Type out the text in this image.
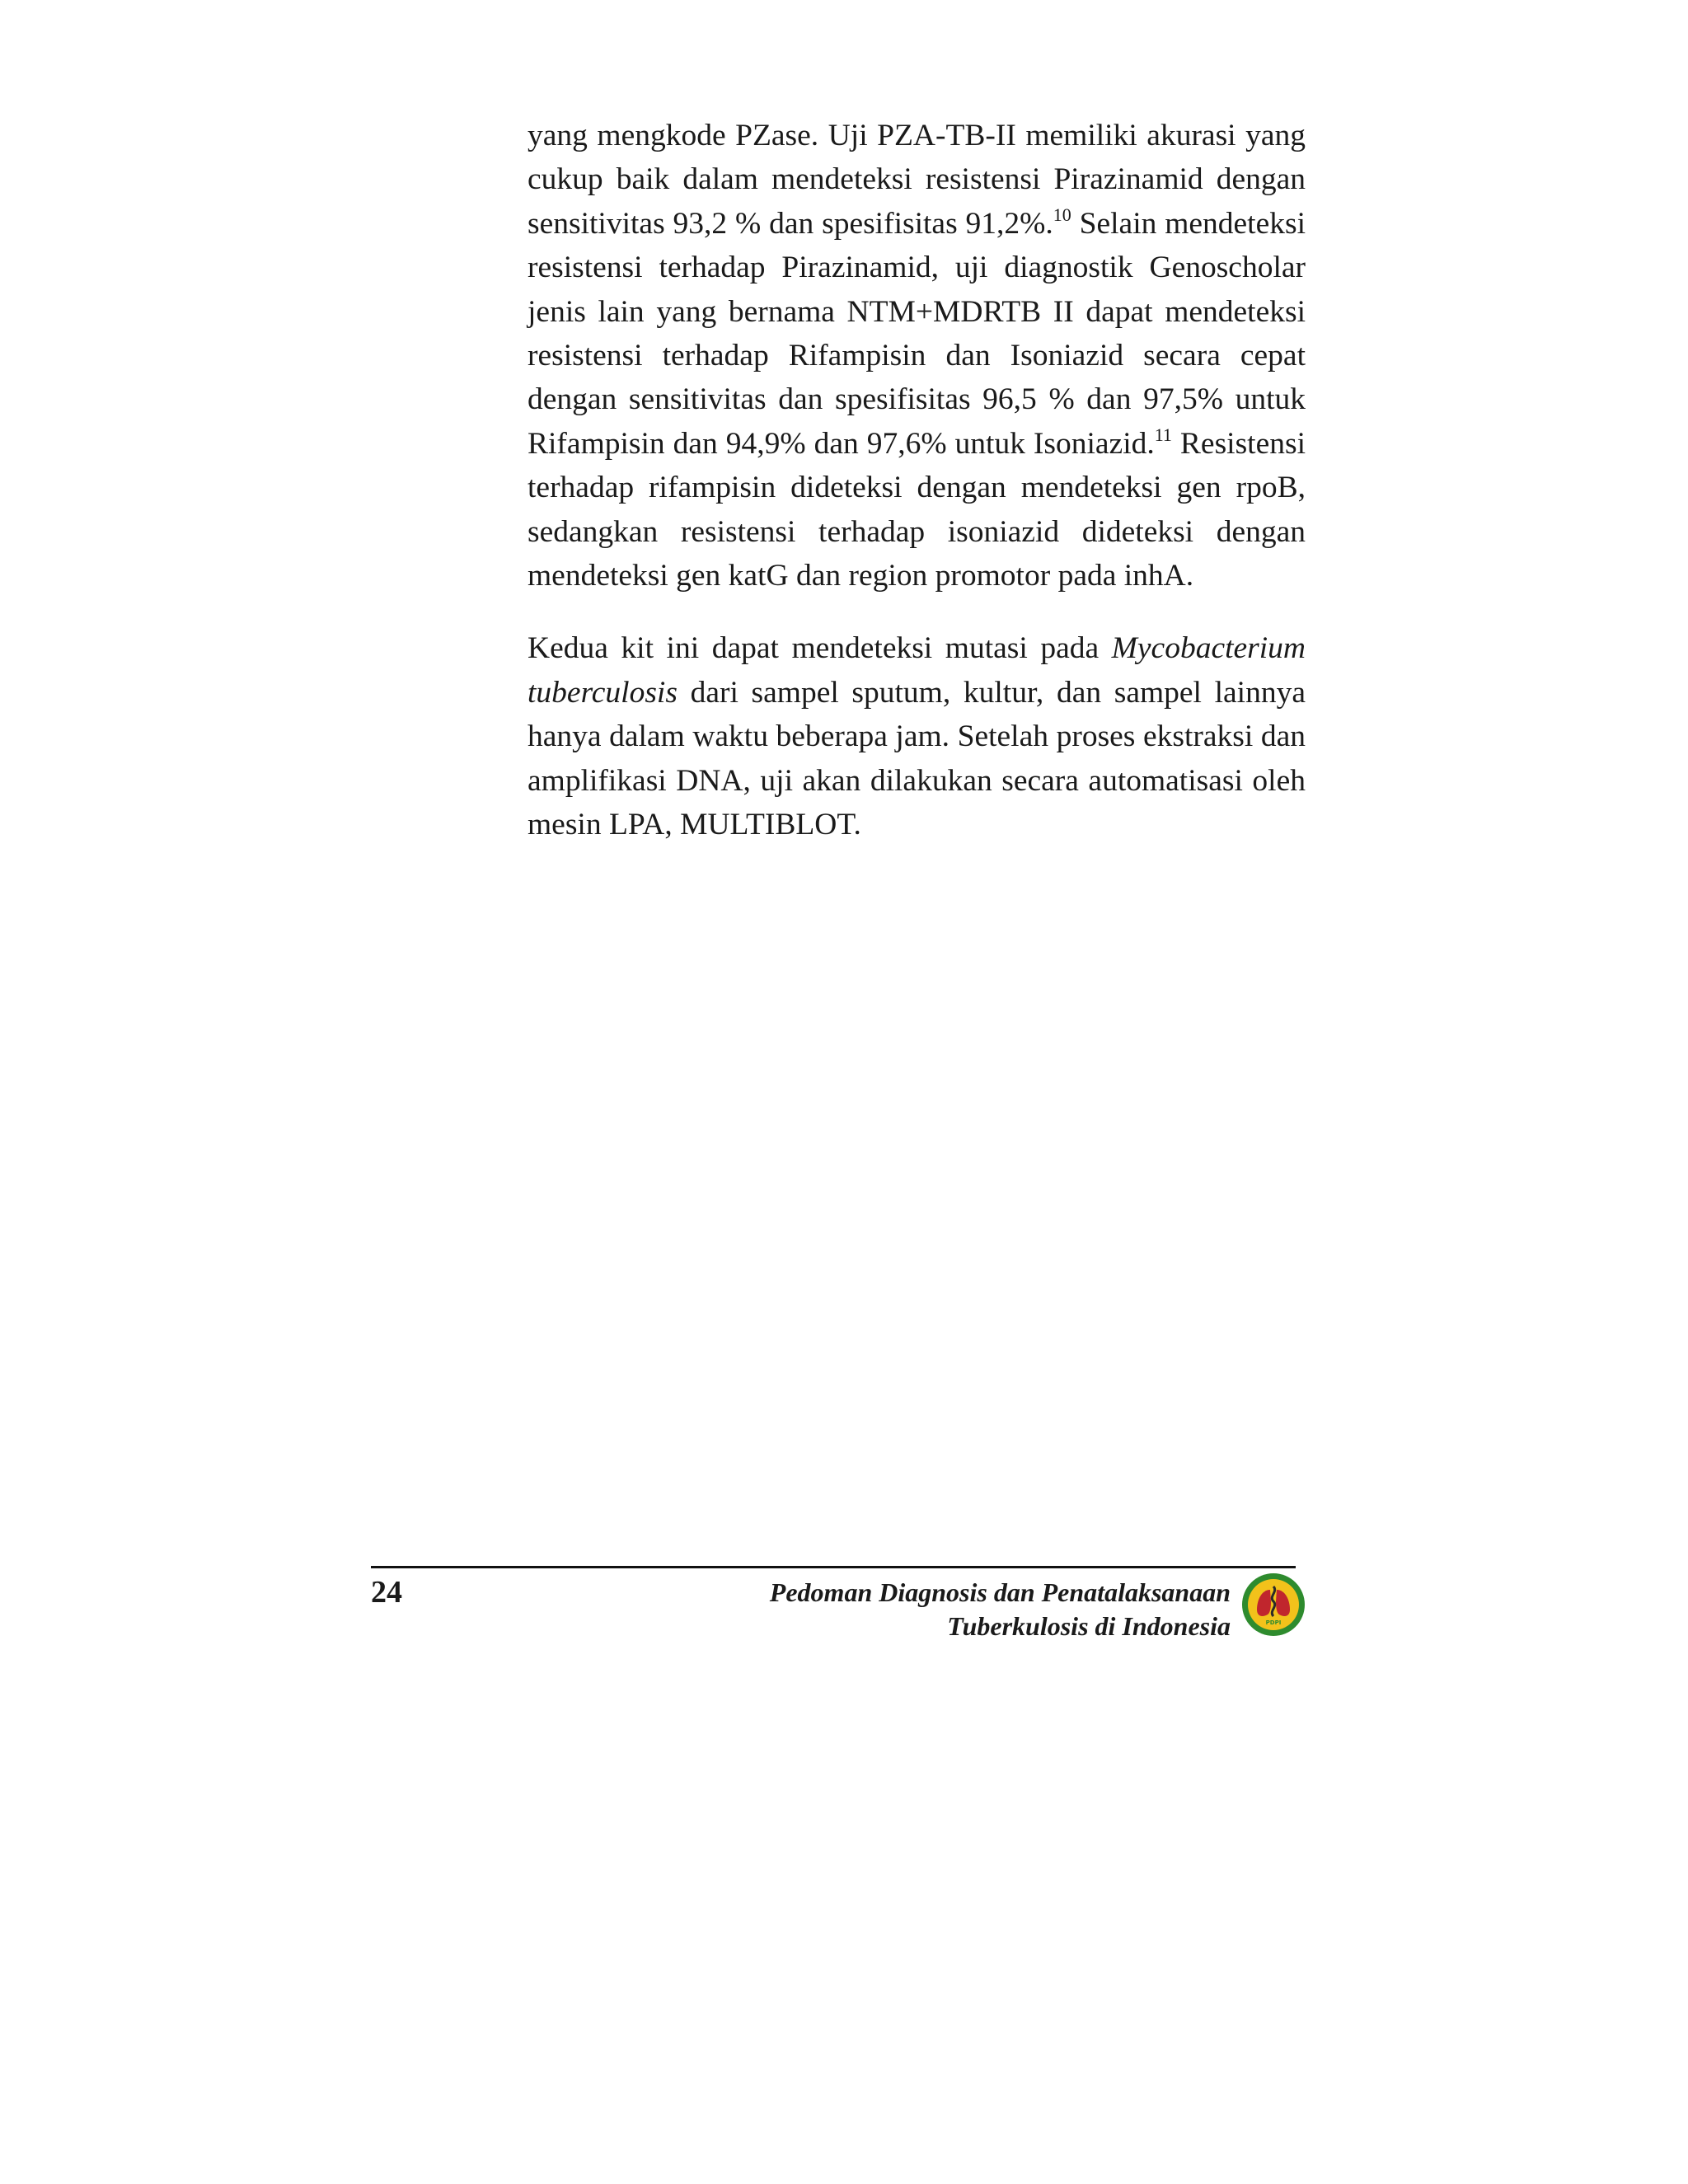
yang mengkode PZase. Uji PZA-TB-II memiliki akurasi yang cukup baik dalam mendeteksi resistensi Pirazinamid dengan sensitivitas 93,2 % dan spesifisitas 91,2%.$^{10}$ Selain mendeteksi resistensi terhadap Pirazinamid, uji diagnostik Genoscholar jenis lain yang bernama NTM+MDRTB II dapat mendeteksi resistensi terhadap Rifampisin dan Isoniazid secara cepat dengan sensitivitas dan spesifisitas 96,5 % dan 97,5% untuk Rifampisin dan 94,9% dan 97,6% untuk Isoniazid.$^{11}$ Resistensi terhadap rifampisin dideteksi dengan mendeteksi gen rpoB, sedangkan resistensi terhadap isoniazid dideteksi dengan mendeteksi gen katG dan region promotor pada inhA.

Kedua kit ini dapat mendeteksi mutasi pada Mycobacterium tuberculosis dari sampel sputum, kultur, dan sampel lainnya hanya dalam waktu beberapa jam. Setelah proses ekstraksi dan amplifikasi DNA, uji akan dilakukan secara automatisasi oleh mesin LPA, MULTIBLOT.

24	Pedoman Diagnosis dan Penatalaksanaan
Tuberkulosis di Indonesia	PDPI
